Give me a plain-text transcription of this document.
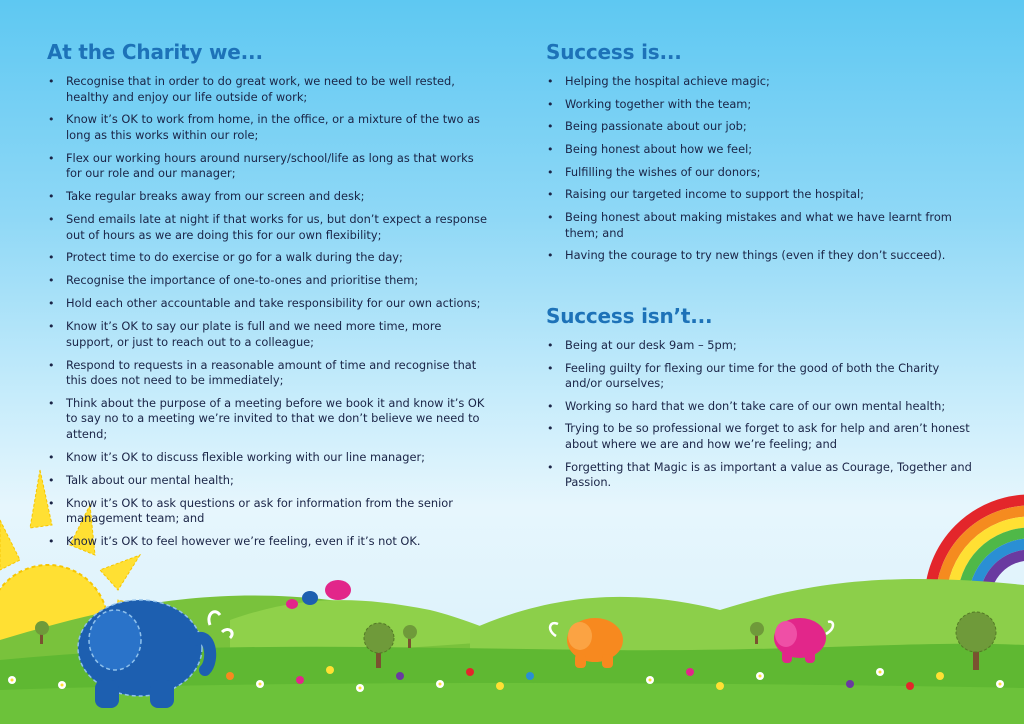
At the Charity we...
• Recognise that in order to do great work, we need to be well rested, healthy and enjoy our life outside of work;
• Know it’s OK to work from home, in the office, or a mixture of the two as long as this works within our role;
• Flex our working hours around nursery/school/life as long as that works for our role and our manager;
• Take regular breaks away from our screen and desk;
• Send emails late at night if that works for us, but don’t expect a response out of hours as we are doing this for our own flexibility;
• Protect time to do exercise or go for a walk during the day;
• Recognise the importance of one-to-ones and prioritise them;
• Hold each other accountable and take responsibility for our own actions;
• Know it’s OK to say our plate is full and we need more time, more support, or just to reach out to a colleague;
• Respond to requests in a reasonable amount of time and recognise that this does not need to be immediately;
• Think about the purpose of a meeting before we book it and know it’s OK to say no to a meeting we’re invited to that we don’t believe we need to attend;
• Know it’s OK to discuss flexible working with our line manager;
• Talk about our mental health;
• Know it’s OK to ask questions or ask for information from the senior management team; and
• Know it’s OK to feel however we’re feeling, even if it’s not OK.
Success is...
• Helping the hospital achieve magic;
• Working together with the team;
• Being passionate about our job;
• Being honest about how we feel;
• Fulfilling the wishes of our donors;
• Raising our targeted income to support the hospital;
• Being honest about making mistakes and what we have learnt from them; and
• Having the courage to try new things (even if they don’t succeed).
Success isn’t...
• Being at our desk 9am – 5pm;
• Feeling guilty for flexing our time for the good of both the Charity and/or ourselves;
• Working so hard that we don’t take care of our own mental health;
• Trying to be so professional we forget to ask for help and aren’t honest about where we are and how we’re feeling; and
• Forgetting that Magic is as important a value as Courage, Together and Passion.
